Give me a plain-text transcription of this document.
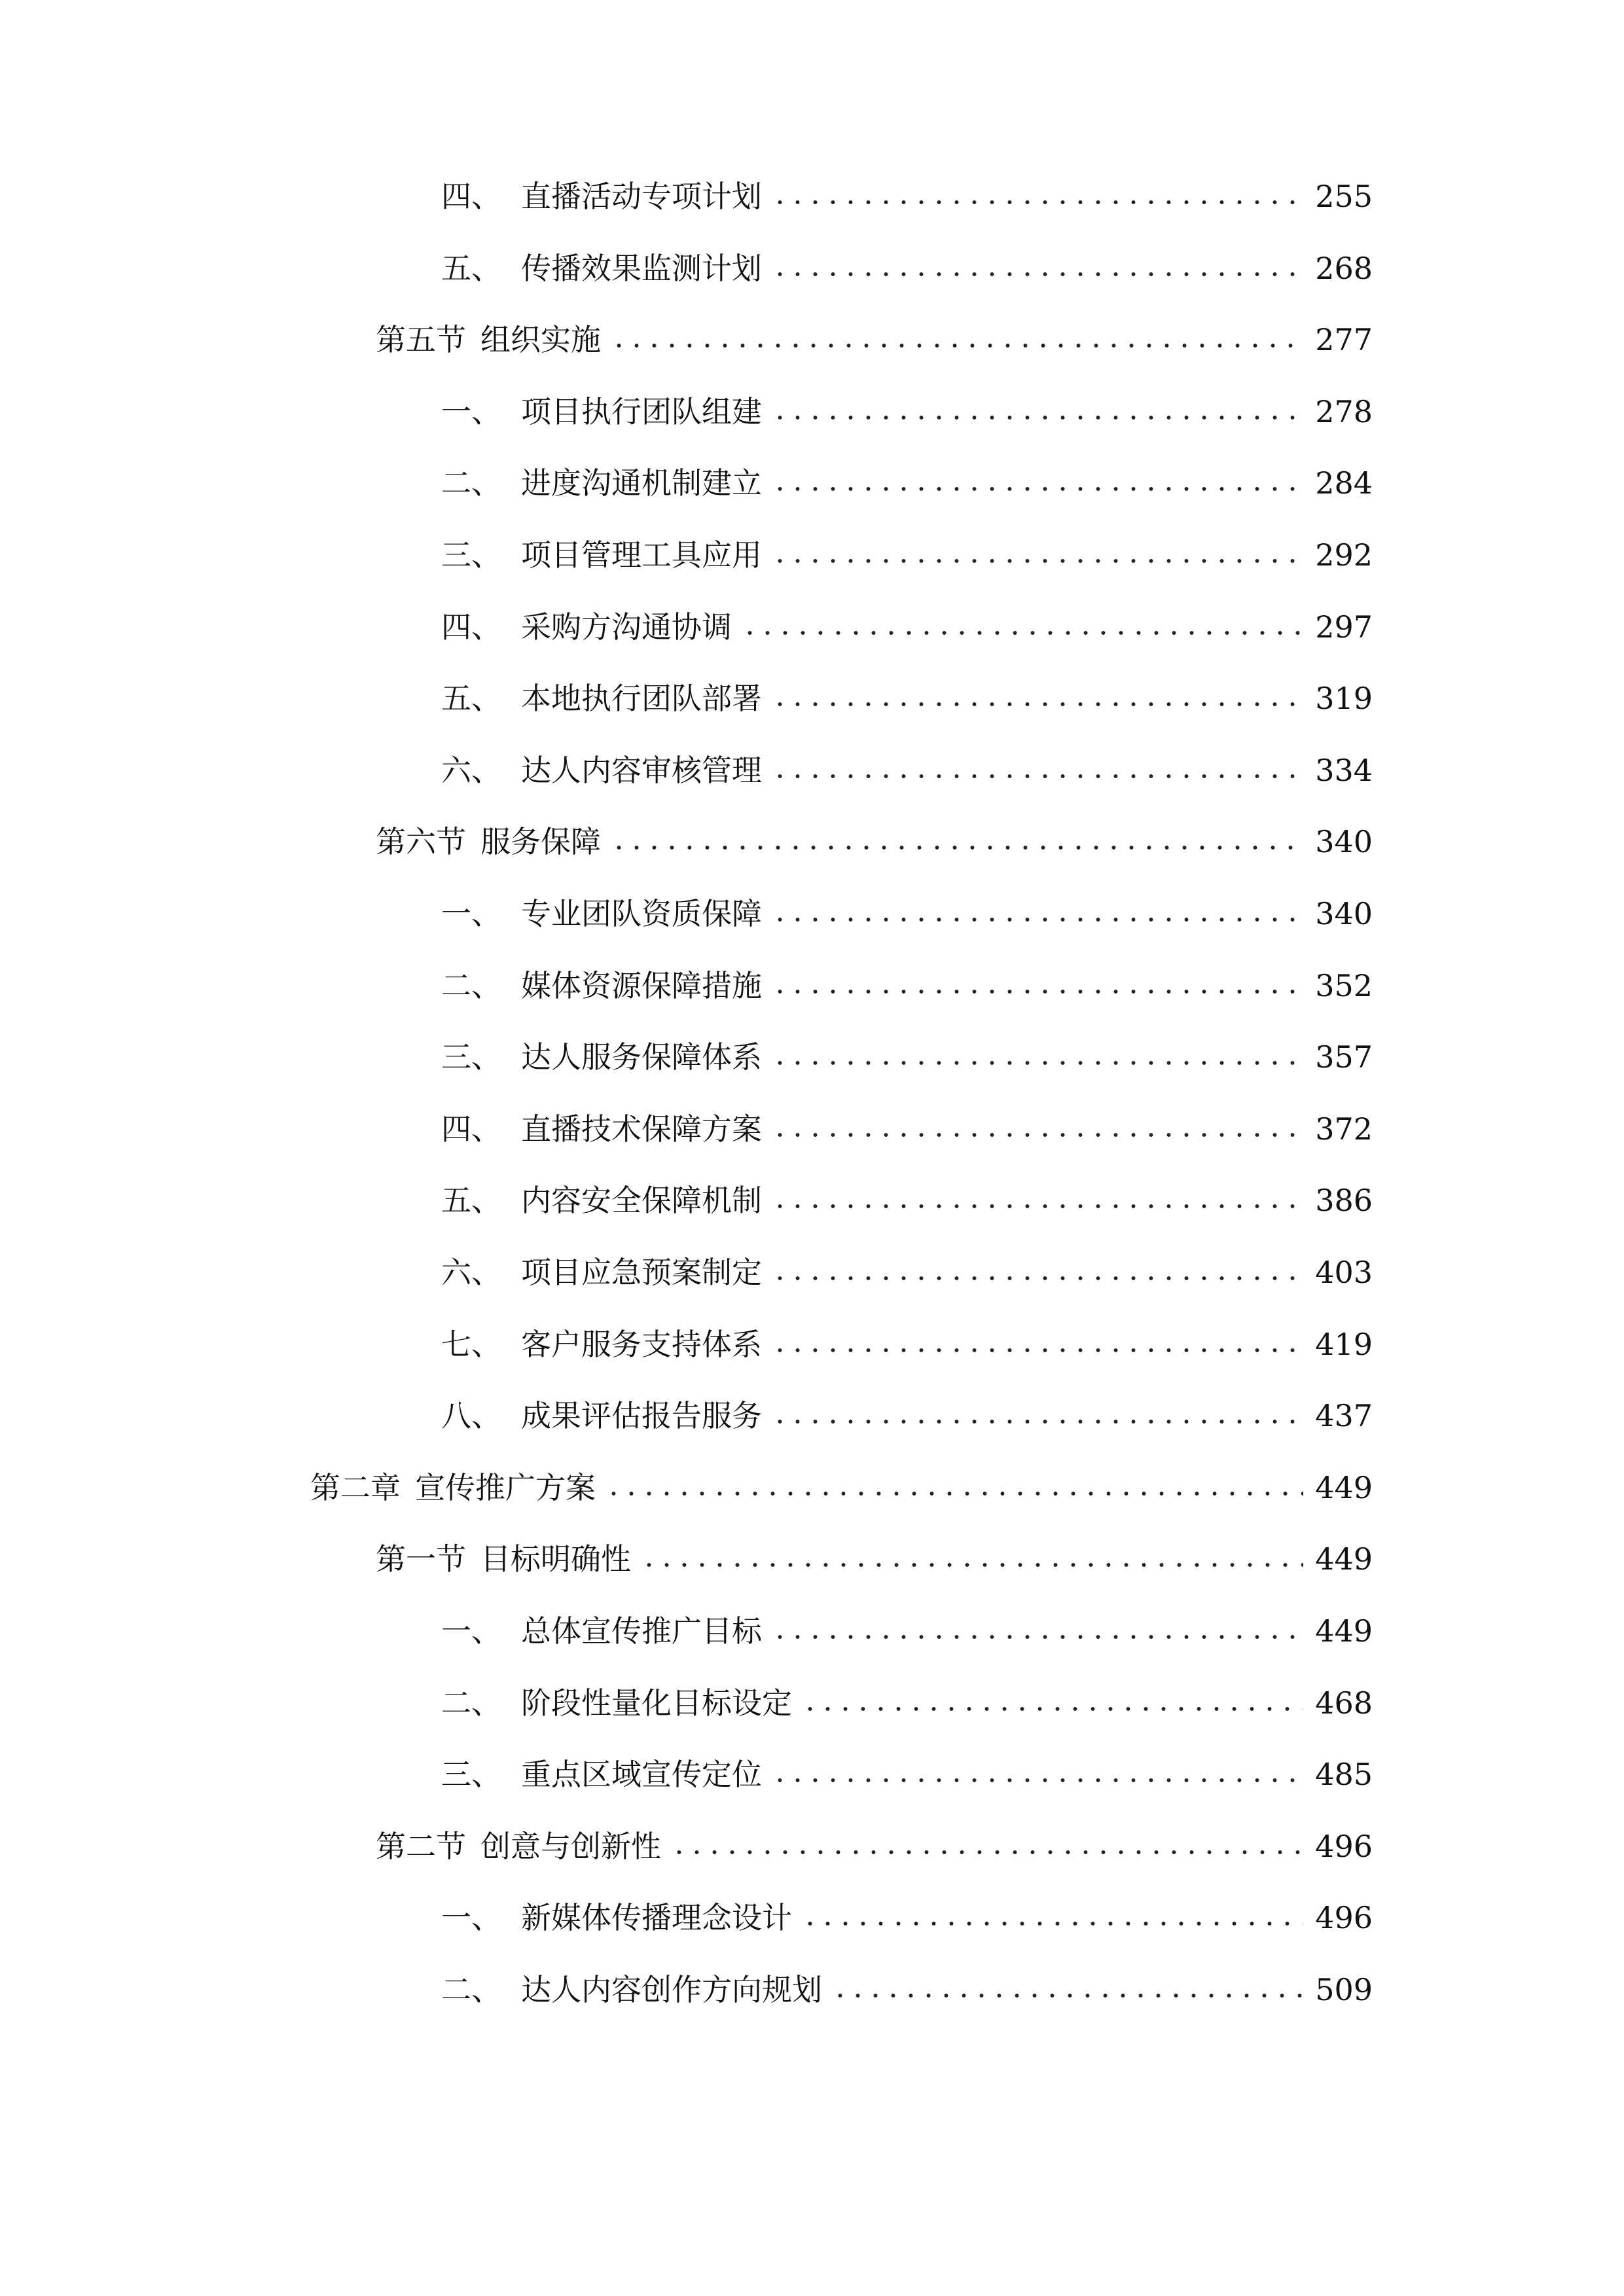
四、 直播活动专项计划	255
五、 传播效果监测计划	268
第五节 组织实施	277
一、 项目执行团队组建	278
二、 进度沟通机制建立	284
三、 项目管理工具应用	292
四、 采购方沟通协调	297
五、 本地执行团队部署	319
六、 达人内容审核管理	334
第六节 服务保障	340
一、 专业团队资质保障	340
二、 媒体资源保障措施	352
三、 达人服务保障体系	357
四、 直播技术保障方案	372
五、 内容安全保障机制	386
六、 项目应急预案制定	403
七、 客户服务支持体系	419
八、 成果评估报告服务	437
第二章 宣传推广方案	449
第一节 目标明确性	449
一、 总体宣传推广目标	449
二、 阶段性量化目标设定	468
三、 重点区域宣传定位	485
第二节 创意与创新性	496
一、 新媒体传播理念设计	496
二、 达人内容创作方向规划	509
